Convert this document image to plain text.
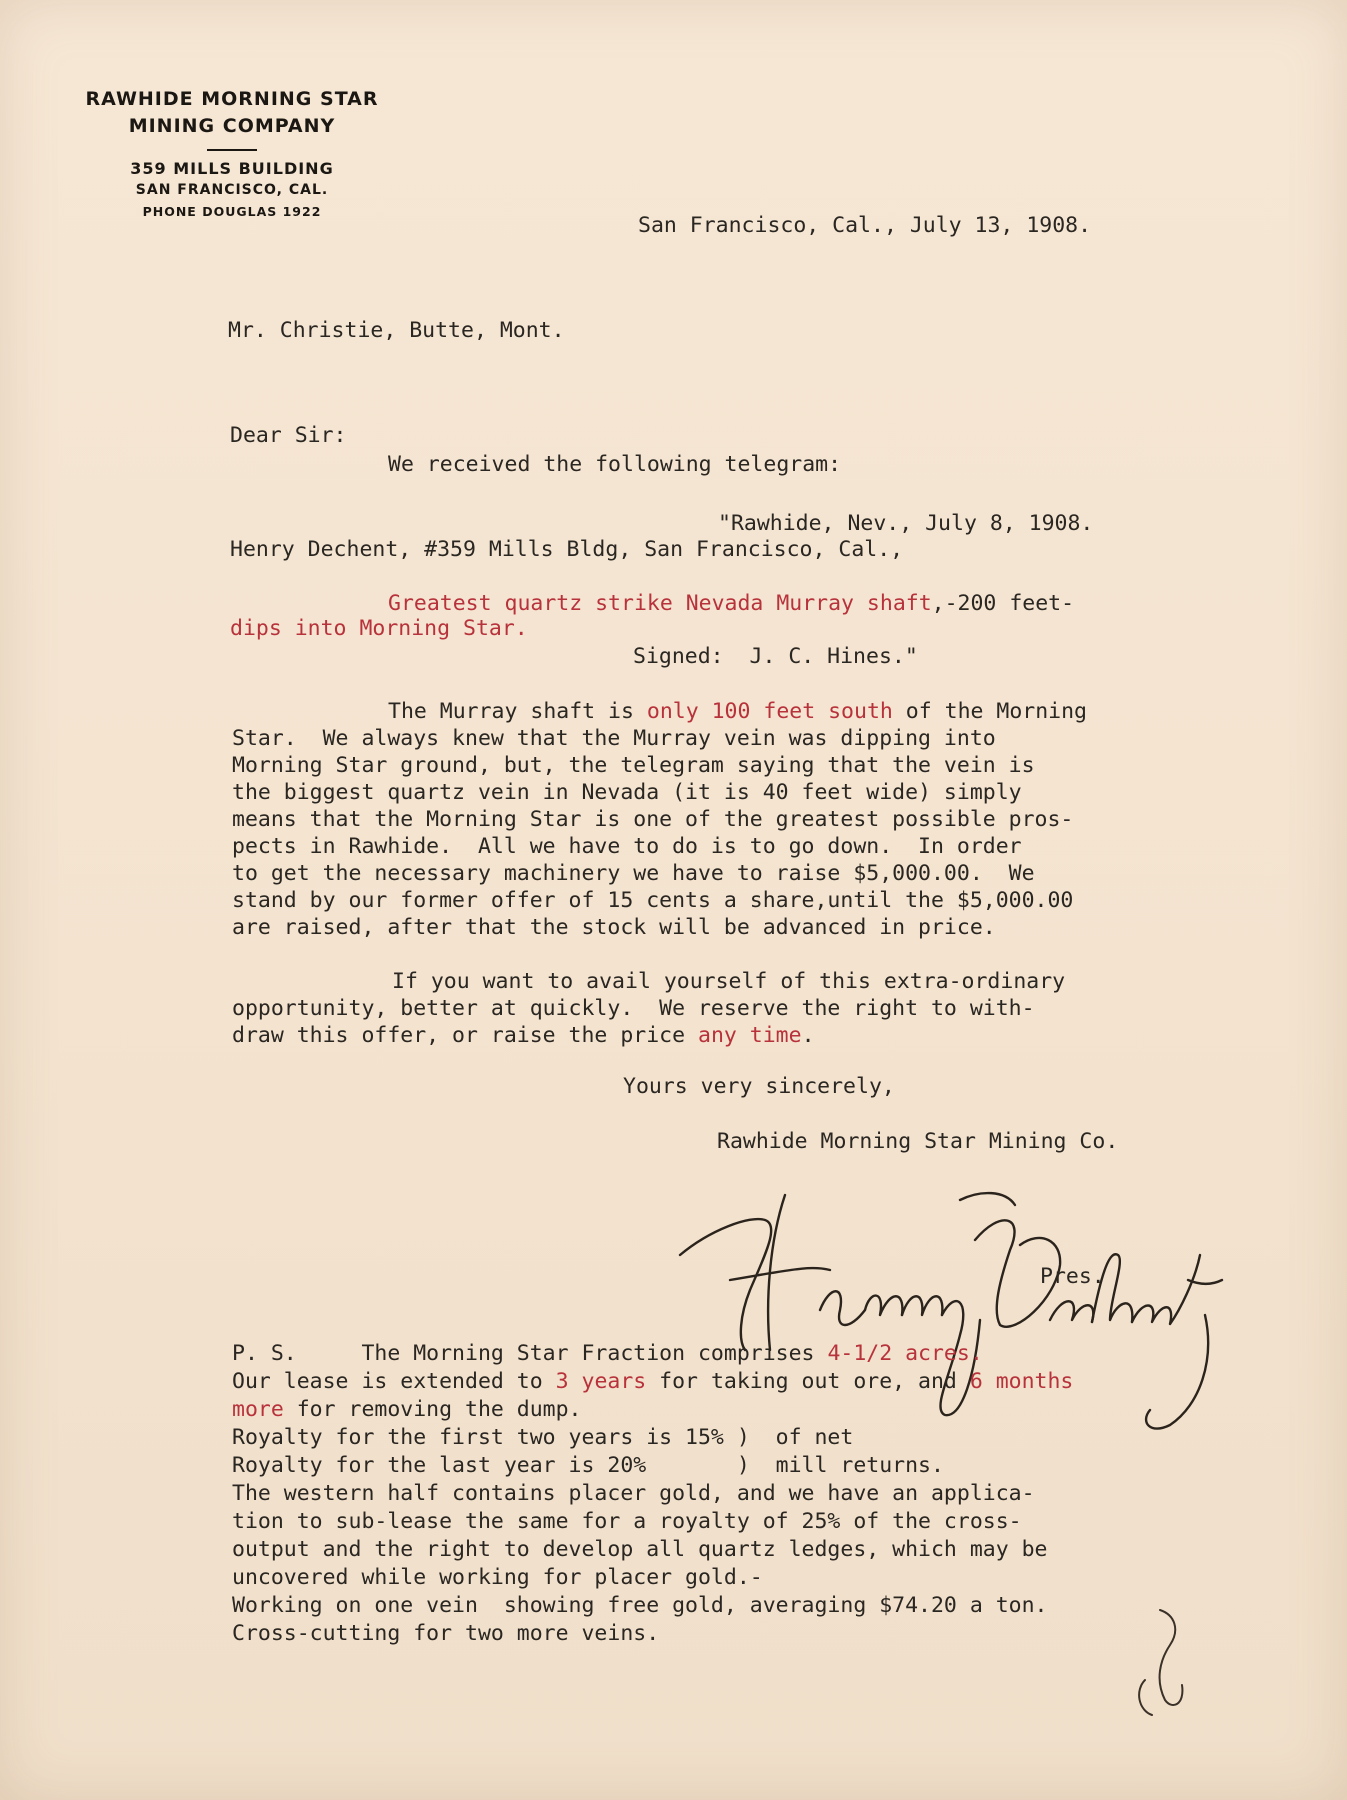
RAWHIDE MORNING STAR
MINING COMPANY
359 MILLS BUILDING
SAN FRANCISCO, CAL.
PHONE DOUGLAS 1922
San Francisco, Cal., July 13, 1908.
Mr. Christie, Butte, Mont.
Dear Sir:
We received the following telegram:
"Rawhide, Nev., July 8, 1908.
Henry Dechent, #359 Mills Bldg, San Francisco, Cal.,
Greatest quartz strike Nevada Murray shaft,-200 feet-
dips into Morning Star.
Signed:  J. C. Hines."
The Murray shaft is only 100 feet south of the Morning
Star.  We always knew that the Murray vein was dipping into
Morning Star ground, but, the telegram saying that the vein is
the biggest quartz vein in Nevada (it is 40 feet wide) simply
means that the Morning Star is one of the greatest possible pros-
pects in Rawhide.  All we have to do is to go down.  In order
to get the necessary machinery we have to raise $5,000.00.  We
stand by our former offer of 15 cents a share,until the $5,000.00
are raised, after that the stock will be advanced in price.
If you want to avail yourself of this extra-ordinary
opportunity, better at quickly.  We reserve the right to with-
draw this offer, or raise the price any time.
Yours very sincerely,
Rawhide Morning Star Mining Co.
Pres.
P. S.     The Morning Star Fraction comprises 4-1/2 acres.
Our lease is extended to 3 years for taking out ore, and 6 months
more for removing the dump.
Royalty for the first two years is 15% )  of net
Royalty for the last year is 20%       )  mill returns.
The western half contains placer gold, and we have an applica-
tion to sub-lease the same for a royalty of 25% of the cross-
output and the right to develop all quartz ledges, which may be
uncovered while working for placer gold.-
Working on one vein  showing free gold, averaging $74.20 a ton.
Cross-cutting for two more veins.
